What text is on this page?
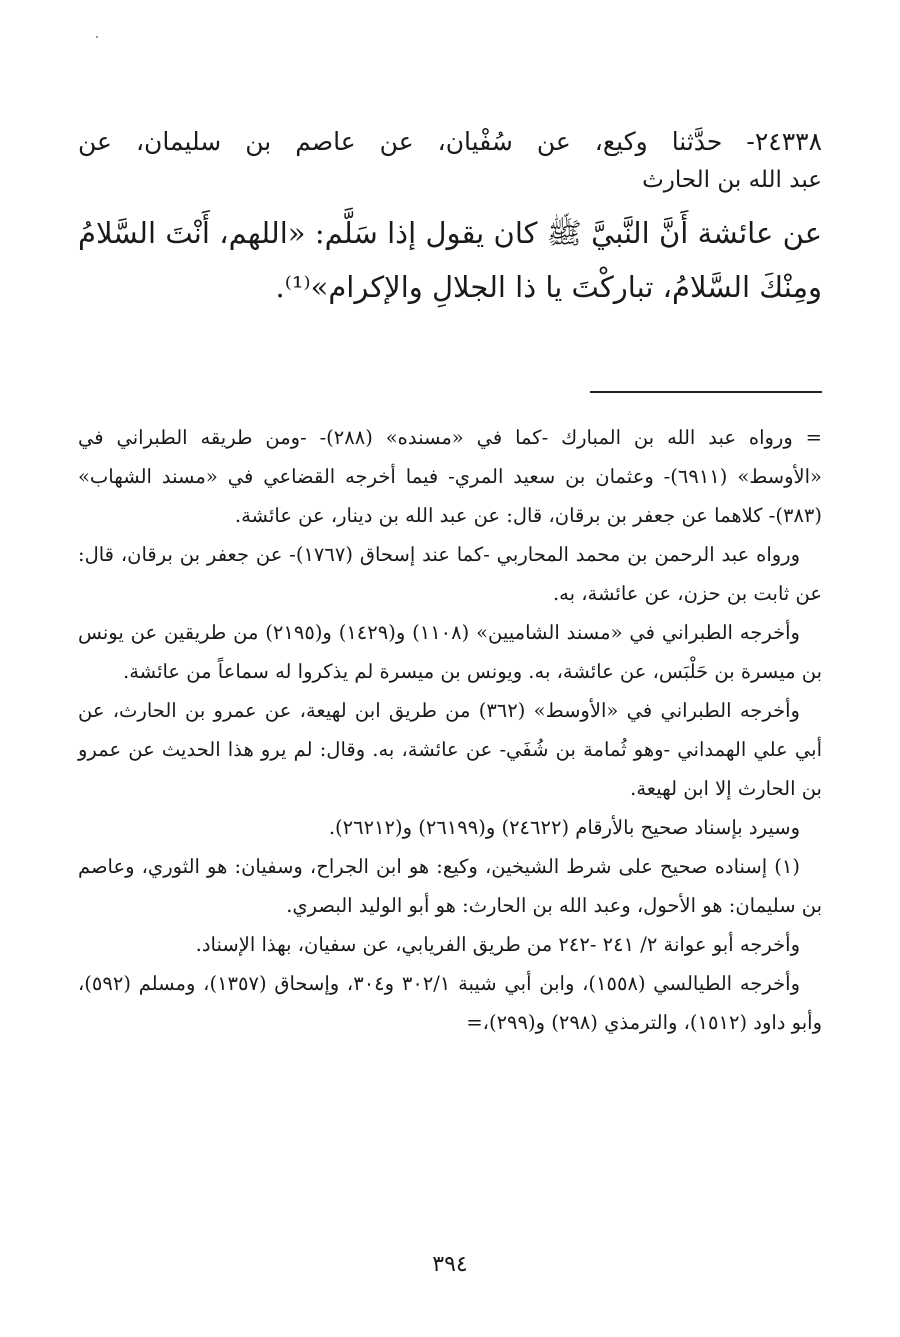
٢٤٣٣٨- حدَّثنا وكيع، عن سُفْيان، عن عاصم بن سليمان، عن

عبد الله بن الحارث

عن عائشة أَنَّ النَّبيَّ ﷺ كان يقول إذا سَلَّم: «اللهم، أَنْتَ السَّلامُ ومِنْكَ السَّلامُ، تباركْتَ يا ذا الجلالِ والإكرام»⁽¹⁾.

= ورواه عبد الله بن المبارك -كما في «مسنده» (٢٨٨)- -ومن طريقه الطبراني في «الأوسط» (٦٩١١)- وعثمان بن سعيد المري- فيما أخرجه القضاعي في «مسند الشهاب» (٣٨٣)- كلاهما عن جعفر بن برقان، قال: عن عبد الله بن دينار، عن عائشة.

ورواه عبد الرحمن بن محمد المحاربي -كما عند إسحاق (١٧٦٧)- عن جعفر بن برقان، قال: عن ثابت بن حزن، عن عائشة، به.

وأخرجه الطبراني في «مسند الشاميين» (١١٠٨) و(١٤٢٩) و(٢١٩٥) من طريقين عن يونس بن ميسرة بن حَلْبَس، عن عائشة، به. ويونس بن ميسرة لم يذكروا له سماعاً من عائشة.

وأخرجه الطبراني في «الأوسط» (٣٦٢) من طريق ابن لهيعة، عن عمرو بن الحارث، عن أبي علي الهمداني -وهو ثُمامة بن شُفَي- عن عائشة، به. وقال: لم يرو هذا الحديث عن عمرو بن الحارث إلا ابن لهيعة.

وسيرد بإسناد صحيح بالأرقام (٢٤٦٢٢) و(٢٦١٩٩) و(٢٦٢١٢).

(١) إسناده صحيح على شرط الشيخين، وكيع: هو ابن الجراح، وسفيان: هو الثوري، وعاصم بن سليمان: هو الأحول، وعبد الله بن الحارث: هو أبو الوليد البصري.

وأخرجه أبو عوانة ٢/ ٢٤١ -٢٤٢ من طريق الفريابي، عن سفيان، بهذا الإسناد.

وأخرجه الطيالسي (١٥٥٨)، وابن أبي شيبة ٣٠٢/١ و٣٠٤، وإسحاق (١٣٥٧)، ومسلم (٥٩٢)، وأبو داود (١٥١٢)، والترمذي (٢٩٨) و(٢٩٩)،=

٣٩٤
